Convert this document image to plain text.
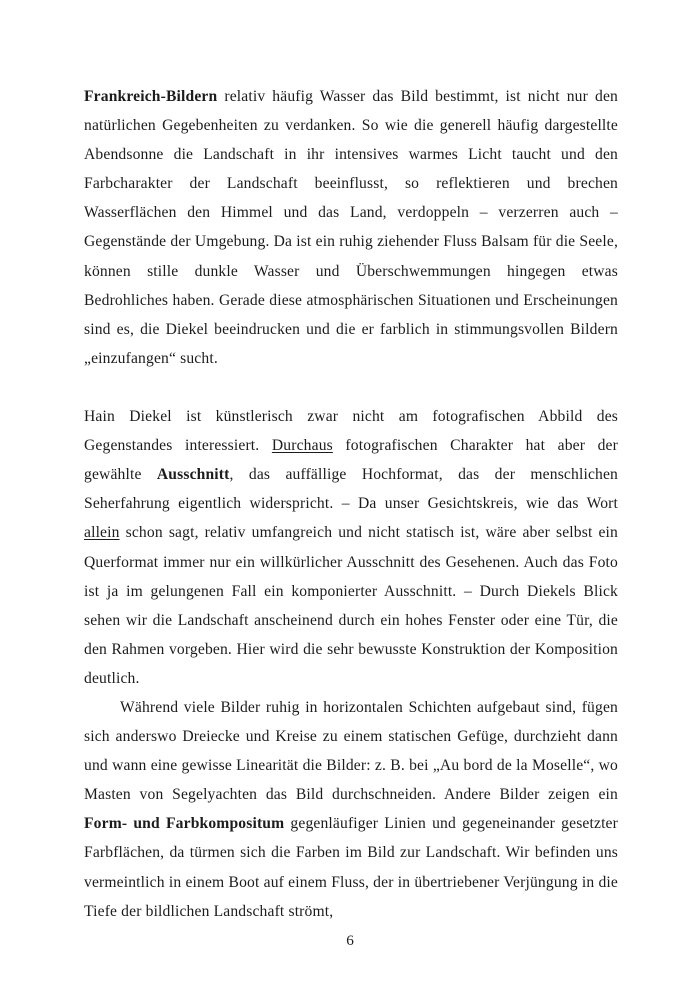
Frankreich-Bildern relativ häufig Wasser das Bild bestimmt, ist nicht nur den natürlichen Gegebenheiten zu verdanken. So wie die generell häufig dargestellte Abendsonne die Landschaft in ihr intensives warmes Licht taucht und den Farbcharakter der Landschaft beeinflusst, so reflektieren und brechen Wasserflächen den Himmel und das Land, verdoppeln – verzerren auch – Gegenstände der Umgebung. Da ist ein ruhig ziehender Fluss Balsam für die Seele, können stille dunkle Wasser und Überschwemmungen hingegen etwas Bedrohliches haben. Gerade diese atmosphärischen Situationen und Erscheinungen sind es, die Diekel beeindrucken und die er farblich in stimmungsvollen Bildern „einzufangen“ sucht.

Hain Diekel ist künstlerisch zwar nicht am fotografischen Abbild des Gegenstandes interessiert. Durchaus fotografischen Charakter hat aber der gewählte Ausschnitt, das auffällige Hochformat, das der menschlichen Seherfahrung eigentlich widerspricht. – Da unser Gesichtskreis, wie das Wort allein schon sagt, relativ umfangreich und nicht statisch ist, wäre aber selbst ein Querformat immer nur ein willkürlicher Ausschnitt des Gesehenen. Auch das Foto ist ja im gelungenen Fall ein komponierter Ausschnitt. – Durch Diekels Blick sehen wir die Landschaft anscheinend durch ein hohes Fenster oder eine Tür, die den Rahmen vorgeben. Hier wird die sehr bewusste Konstruktion der Komposition deutlich.

Während viele Bilder ruhig in horizontalen Schichten aufgebaut sind, fügen sich anderswo Dreiecke und Kreise zu einem statischen Gefüge, durchzieht dann und wann eine gewisse Linearität die Bilder: z. B. bei „Au bord de la Moselle“, wo Masten von Segelyachten das Bild durchschneiden. Andere Bilder zeigen ein Form- und Farbkompositum gegenläufiger Linien und gegeneinander gesetzter Farbflächen, da türmen sich die Farben im Bild zur Landschaft. Wir befinden uns vermeintlich in einem Boot auf einem Fluss, der in übertriebener Verjüngung in die Tiefe der bildlichen Landschaft strömt,

6
